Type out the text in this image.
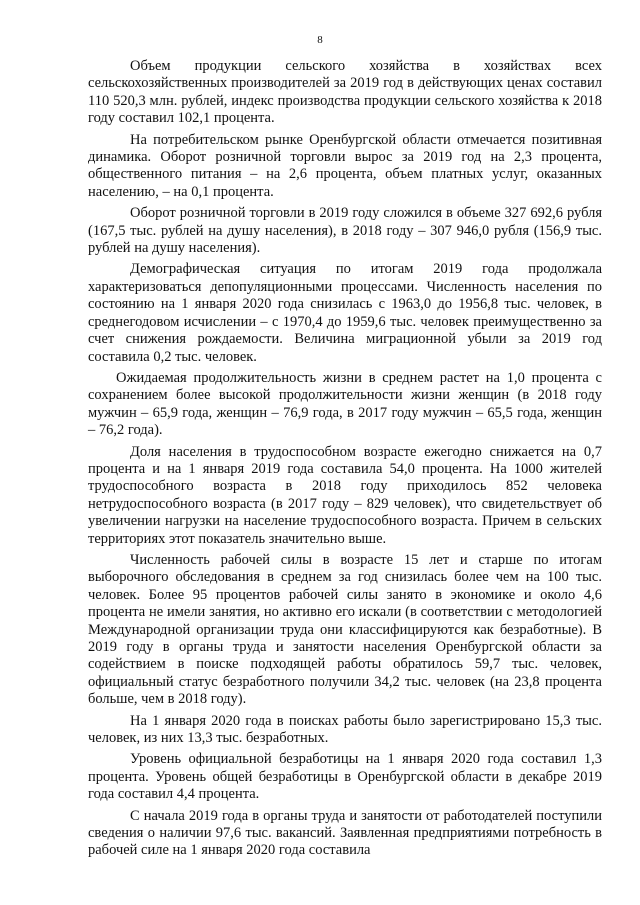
8

Объем продукции сельского хозяйства в хозяйствах всех сельскохозяйственных производителей за 2019 год в действующих ценах составил 110 520,3 млн. рублей, индекс производства продукции сельского хозяйства к 2018 году составил 102,1 процента.

На потребительском рынке Оренбургской области отмечается позитивная динамика. Оборот розничной торговли вырос за 2019 год на 2,3 процента, общественного питания – на 2,6 процента, объем платных услуг, оказанных населению, – на 0,1 процента.

Оборот розничной торговли в 2019 году сложился в объеме 327 692,6 рубля (167,5 тыс. рублей на душу населения), в 2018 году – 307 946,0 рубля (156,9 тыс. рублей на душу населения).

Демографическая ситуация по итогам 2019 года продолжала характеризоваться депопуляционными процессами. Численность населения по состоянию на 1 января 2020 года снизилась с 1963,0 до 1956,8 тыс. человек, в среднегодовом исчислении – с 1970,4 до 1959,6 тыс. человек преимущественно за счет снижения рождаемости. Величина миграционной убыли за 2019 год составила 0,2 тыс. человек.

Ожидаемая продолжительность жизни в среднем растет на 1,0 процента с сохранением более высокой продолжительности жизни женщин (в 2018 году мужчин – 65,9 года, женщин – 76,9 года, в 2017 году мужчин – 65,5 года, женщин – 76,2 года).

Доля населения в трудоспособном возрасте ежегодно снижается на 0,7 процента и на 1 января 2019 года составила 54,0 процента. На 1000 жителей трудоспособного возраста в 2018 году приходилось 852 человека нетрудоспособного возраста (в 2017 году – 829 человек), что свидетельствует об увеличении нагрузки на население трудоспособного возраста. Причем в сельских территориях этот показатель значительно выше.

Численность рабочей силы в возрасте 15 лет и старше по итогам выборочного обследования в среднем за год снизилась более чем на 100 тыс. человек. Более 95 процентов рабочей силы занято в экономике и около 4,6 процента не имели занятия, но активно его искали (в соответствии с методологией Международной организации труда они классифицируются как безработные). В 2019 году в органы труда и занятости населения Оренбургской области за содействием в поиске подходящей работы обратилось 59,7 тыс. человек, официальный статус безработного получили 34,2 тыс. человек (на 23,8 процента больше, чем в 2018 году).

На 1 января 2020 года в поисках работы было зарегистрировано 15,3 тыс. человек, из них 13,3 тыс. безработных.

Уровень официальной безработицы на 1 января 2020 года составил 1,3 процента. Уровень общей безработицы в Оренбургской области в декабре 2019 года составил 4,4 процента.

С начала 2019 года в органы труда и занятости от работодателей поступили сведения о наличии 97,6 тыс. вакансий. Заявленная предприятиями потребность в рабочей силе на 1 января 2020 года составила
